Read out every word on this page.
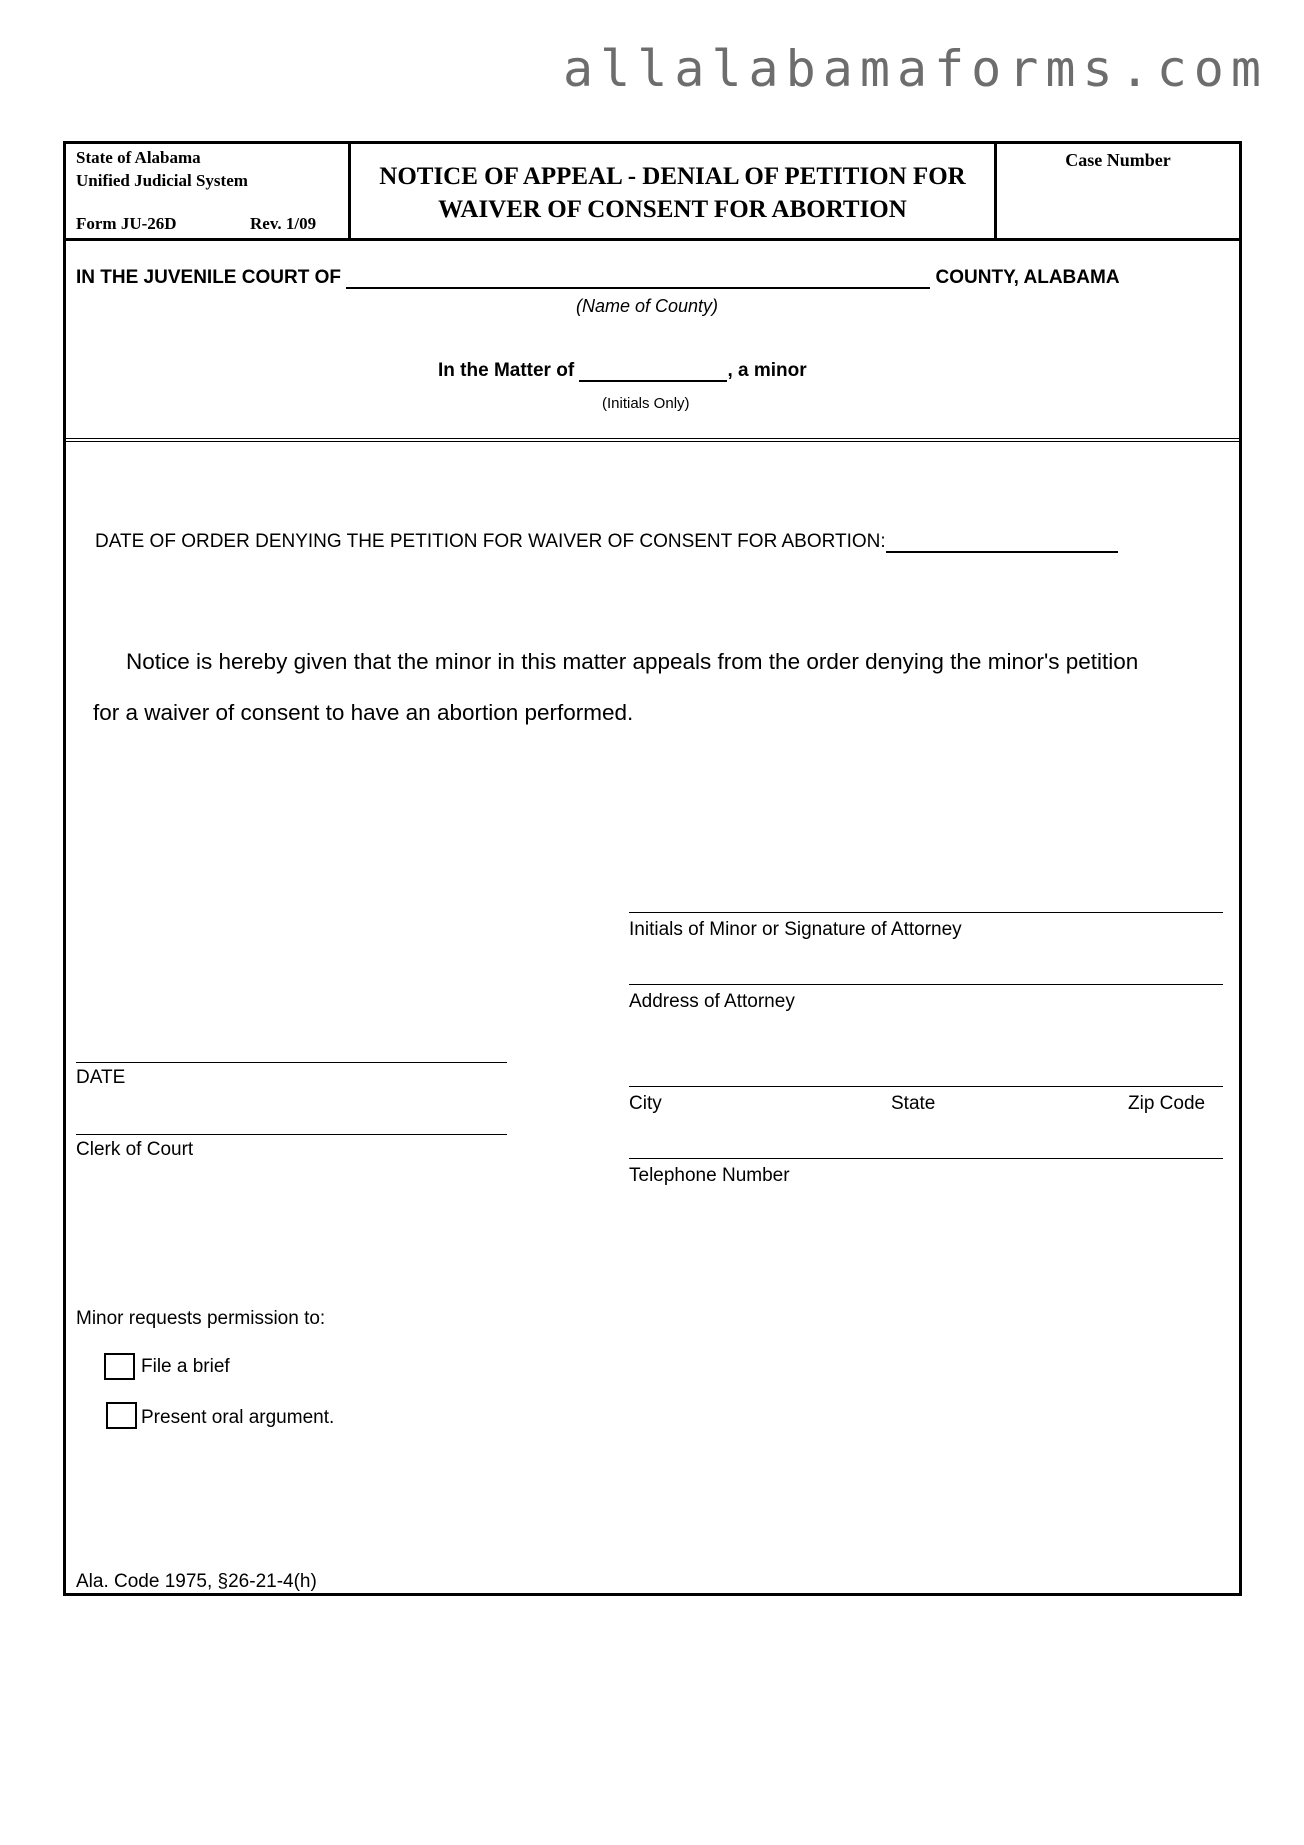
allalabamaforms.com
State of Alabama
Unified Judicial System
Form JU-26D	Rev. 1/09
NOTICE OF APPEAL - DENIAL OF PETITION FOR
WAIVER OF CONSENT FOR ABORTION
Case Number
IN THE JUVENILE COURT OF	COUNTY, ALABAMA
(Name of County)
In the Matter of	, a minor
(Initials Only)
DATE OF ORDER DENYING THE PETITION FOR WAIVER OF CONSENT FOR ABORTION:
Notice is hereby given that the minor in this matter appeals from the order denying the minor's petition
for a waiver of consent to have an abortion performed.
Initials of Minor or Signature of Attorney
Address of Attorney
City	State	Zip Code
Telephone Number
DATE
Clerk of Court
Minor requests permission to:
File a brief
Present oral argument.
Ala. Code 1975, §26-21-4(h)
